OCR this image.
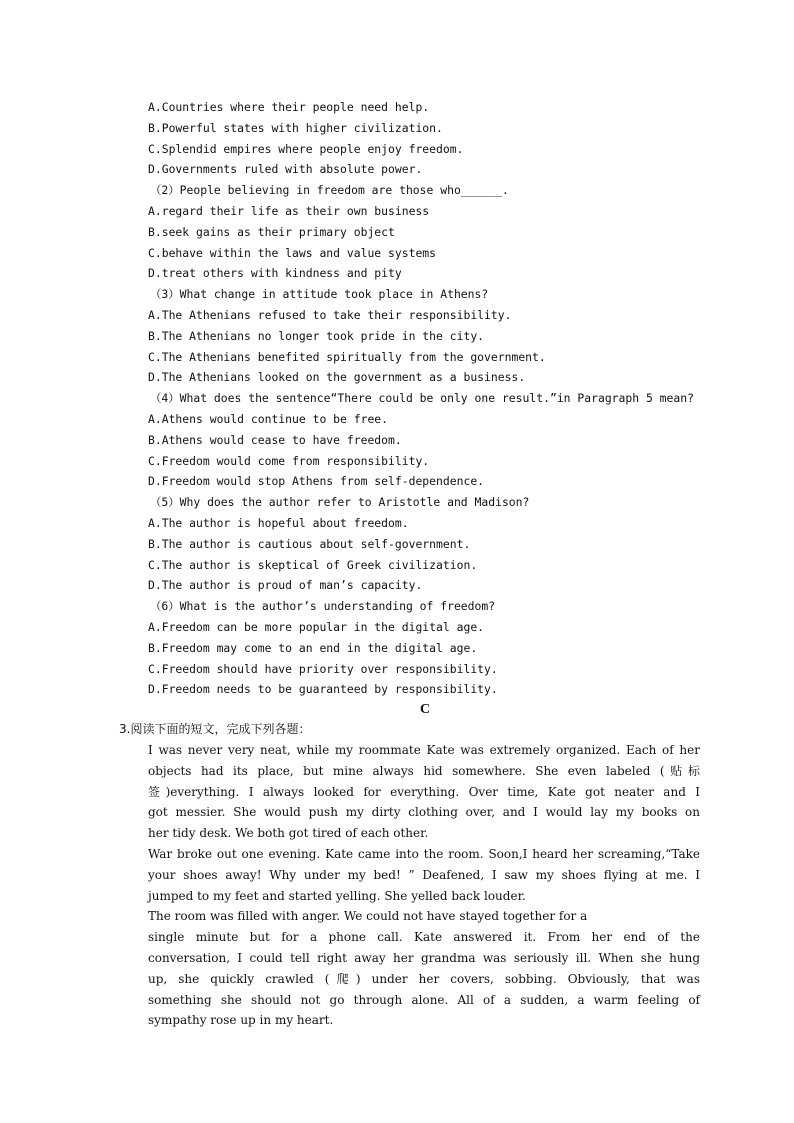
A.Countries where their people need help.
B.Powerful states with higher civilization.
C.Splendid empires where people enjoy freedom.
D.Governments ruled with absolute power.
（2）People believing in freedom are those who______.
A.regard their life as their own business
B.seek gains as their primary object
C.behave within the laws and value systems
D.treat others with kindness and pity
（3）What change in attitude took place in Athens?
A.The Athenians refused to take their responsibility.
B.The Athenians no longer took pride in the city.
C.The Athenians benefited spiritually from the government.
D.The Athenians looked on the government as a business.
（4）What does the sentence“There could be only one result.”in Paragraph 5 mean?
A.Athens would continue to be free.
B.Athens would cease to have freedom.
C.Freedom would come from responsibility.
D.Freedom would stop Athens from self-dependence.
（5）Why does the author refer to Aristotle and Madison?
A.The author is hopeful about freedom.
B.The author is cautious about self-government.
C.The author is skeptical of Greek civilization.
D.The author is proud of man’s capacity.
（6）What is the author’s understanding of freedom?
A.Freedom can be more popular in the digital age.
B.Freedom may come to an end in the digital age.
C.Freedom should have priority over responsibility.
D.Freedom needs to be guaranteed by responsibility.
C
3.阅读下面的短文，完成下列各题：
I was never very neat, while my roommate Kate was extremely organized. Each of her
objects had its place, but mine always hid somewhere. She even labeled (贴标
签)everything. I always looked for everything. Over time, Kate got neater and I
got messier. She would push my dirty clothing over, and I would lay my books on
her tidy desk. We both got tired of each other.
War broke out one evening. Kate came into the room. Soon,I heard her screaming,“Take
your shoes away! Why under my bed! ” Deafened, I saw my shoes flying at me. I
jumped to my feet and started yelling. She yelled back louder.
The room was filled with anger. We could not have stayed together for a
single minute but for a phone call. Kate answered it. From her end of the
conversation, I could tell right away her grandma was seriously ill. When she hung
up, she quickly crawled (爬) under her covers, sobbing. Obviously, that was
something she should not go through alone. All of a sudden, a warm feeling of
sympathy rose up in my heart.
